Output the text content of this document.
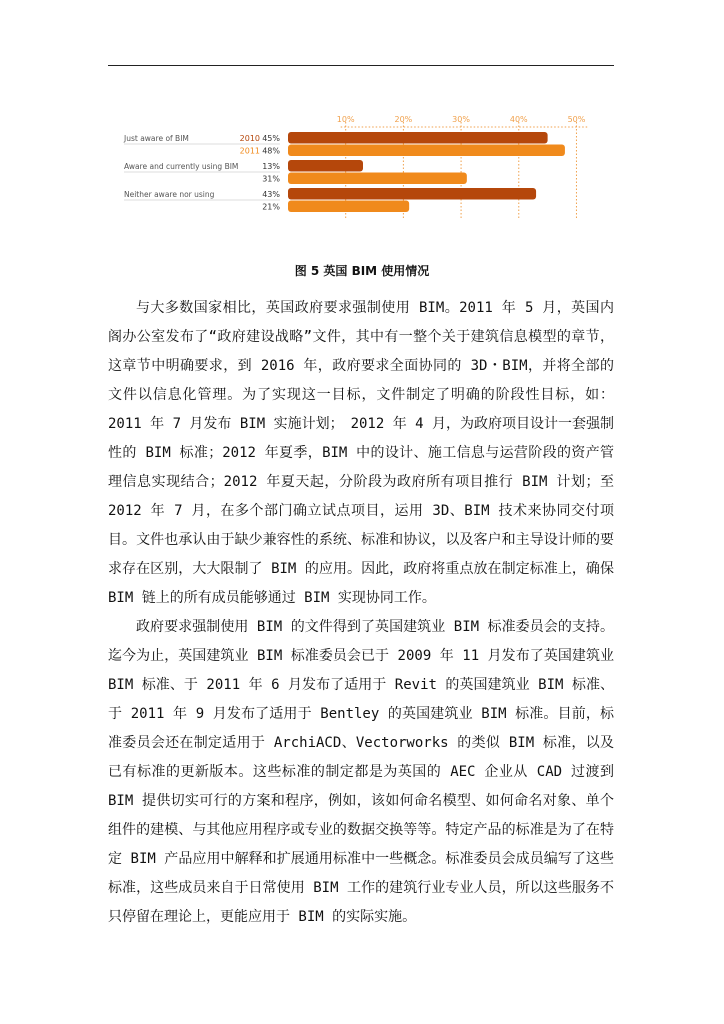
10%	20%	30%	40%	50%
Just aware of BIM	45%
2010
48%
2011
Aware and currently using BIM	13%
31%
Neither aware nor using	43%
21%
图 5 英国 BIM 使用情况

与大多数国家相比，英国政府要求强制使用 BIM。2011 年 5 月，英国内阁办公室发布了“政府建设战略”文件，其中有一整个关于建筑信息模型的章节，这章节中明确要求，到 2016 年，政府要求全面协同的 3D・BIM，并将全部的文件以信息化管理。为了实现这一目标，文件制定了明确的阶段性目标，如：2011 年 7 月发布 BIM 实施计划；　2012 年 4 月，为政府项目设计一套强制性的 BIM 标准；2012 年夏季，BIM 中的设计、施工信息与运营阶段的资产管理信息实现结合；2012 年夏天起，分阶段为政府所有项目推行 BIM 计划；至 2012 年 7 月，在多个部门确立试点项目，运用 3D、BIM 技术来协同交付项目。文件也承认由于缺少兼容性的系统、标准和协议，以及客户和主导设计师的要求存在区别，大大限制了 BIM 的应用。因此，政府将重点放在制定标准上，确保 BIM 链上的所有成员能够通过 BIM 实现协同工作。

政府要求强制使用 BIM 的文件得到了英国建筑业 BIM 标准委员会的支持。迄今为止，英国建筑业 BIM 标准委员会已于 2009 年 11 月发布了英国建筑业 BIM 标准、于 2011 年 6 月发布了适用于 Revit 的英国建筑业 BIM 标准、于 2011 年 9 月发布了适用于 Bentley 的英国建筑业 BIM 标准。目前，标准委员会还在制定适用于 ArchiACD、Vectorworks 的类似 BIM 标准，以及已有标准的更新版本。这些标准的制定都是为英国的 AEC 企业从 CAD 过渡到 BIM 提供切实可行的方案和程序，例如，该如何命名模型、如何命名对象、单个组件的建模、与其他应用程序或专业的数据交换等等。特定产品的标准是为了在特定 BIM 产品应用中解释和扩展通用标准中一些概念。标准委员会成员编写了这些标准，这些成员来自于日常使用 BIM 工作的建筑行业专业人员，所以这些服务不只停留在理论上，更能应用于 BIM 的实际实施。
